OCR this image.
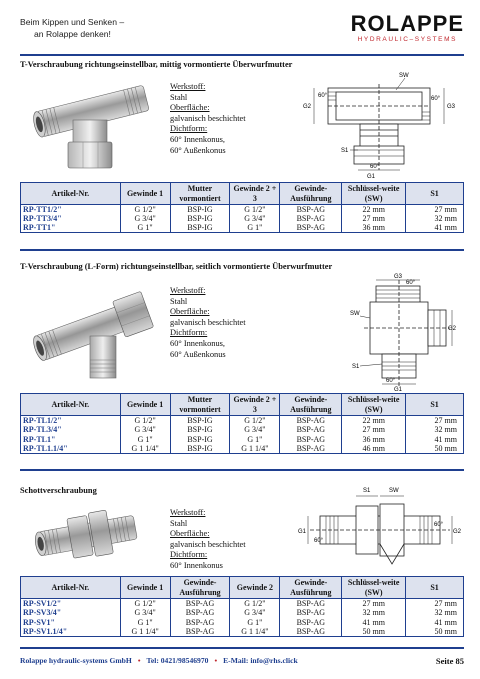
Beim Kippen und Senken –
an Rolappe denken!	ROLAPPE
HYDRAULIC–SYSTEMS
T-Verschraubung richtungseinstellbar, mittig vormontierte Überwurfmutter
Werkstoff:
Stahl
Oberfläche:
galvanisch beschichtet
Dichtform:
60° Innenkonus,
60° Außenkonus
SW
G2	G3
S1
60°	60°
60°
G1
Artikel-Nr.	Gewinde 1	Mutter vormontiert	Gewinde 2 + 3	Gewinde-Ausführung	Schlüssel-weite (SW)	S1
RP-TT1/2"	G 1/2"	BSP-IG	G 1/2"	BSP-AG	22 mm	27 mm
RP-TT3/4"	G 3/4"	BSP-IG	G 3/4"	BSP-AG	27 mm	32 mm
RP-TT1"	G 1"	BSP-IG	G 1"	BSP-AG	36 mm	41 mm
T-Verschraubung (L-Form) richtungseinstellbar, seitlich vormontierte Überwurfmutter
Werkstoff:
Stahl
Oberfläche:
galvanisch beschichtet
Dichtform:
60° Innenkonus,
60° Außenkonus
G3
60°
SW
G2
S1
60°
G1
Artikel-Nr.	Gewinde 1	Mutter vormontiert	Gewinde 2 + 3	Gewinde-Ausführung	Schlüssel-weite (SW)	S1
RP-TL1/2"	G 1/2"	BSP-IG	G 1/2"	BSP-AG	22 mm	27 mm
RP-TL3/4"	G 3/4"	BSP-IG	G 3/4"	BSP-AG	27 mm	32 mm
RP-TL1"	G 1"	BSP-IG	G 1"	BSP-AG	36 mm	41 mm
RP-TL1.1/4"	G 1 1/4"	BSP-IG	G 1 1/4"	BSP-AG	46 mm	50 mm
Schottverschraubung
Werkstoff:
Stahl
Oberfläche:
galvanisch beschichtet
Dichtform:
60° Innenkonus
S1	SW
G1
60°
60°
G2
Artikel-Nr.	Gewinde 1	Gewinde-Ausführung	Gewinde 2	Gewinde-Ausführung	Schlüssel-weite (SW)	S1
RP-SV1/2"	G 1/2"	BSP-AG	G 1/2"	BSP-AG	27 mm	27 mm
RP-SV3/4"	G 3/4"	BSP-AG	G 3/4"	BSP-AG	32 mm	32 mm
RP-SV1"	G 1"	BSP-AG	G 1"	BSP-AG	41 mm	41 mm
RP-SV1.1/4"	G 1 1/4"	BSP-AG	G 1 1/4"	BSP-AG	50 mm	50 mm
Rolappe hydraulic-systems GmbH • Tel: 0421/98546970 • E-Mail: info@rhs.click	Seite 85
